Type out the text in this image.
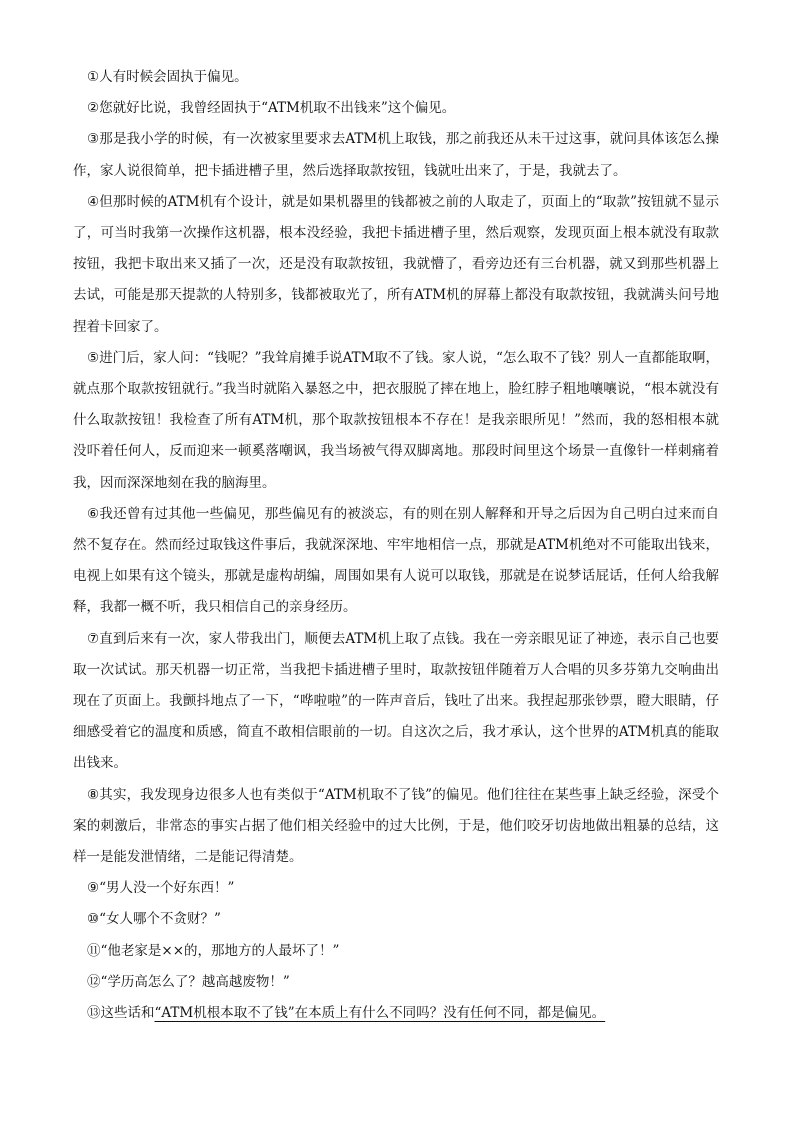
①人有时候会固执于偏见。

②您就好比说，我曾经固执于“ATM机取不出钱来”这个偏见。

③那是我小学的时候，有一次被家里要求去ATM机上取钱，那之前我还从未干过这事，就问具体该怎么操作，家人说很简单，把卡插进槽子里，然后选择取款按钮，钱就吐出来了，于是，我就去了。

④但那时候的ATM机有个设计，就是如果机器里的钱都被之前的人取走了，页面上的“取款”按钮就不显示了，可当时我第一次操作这机器，根本没经验，我把卡插进槽子里，然后观察，发现页面上根本就没有取款按钮，我把卡取出来又插了一次，还是没有取款按钮，我就懵了，看旁边还有三台机器，就又到那些机器上去试，可能是那天提款的人特别多，钱都被取光了，所有ATM机的屏幕上都没有取款按钮，我就满头问号地捏着卡回家了。

⑤进门后，家人问：“钱呢？”我耸肩摊手说ATM取不了钱。家人说，“怎么取不了钱？别人一直都能取啊，就点那个取款按钮就行。”我当时就陷入暴怒之中，把衣服脱了摔在地上，脸红脖子粗地嚷嚷说，“根本就没有什么取款按钮！我检查了所有ATM机，那个取款按钮根本不存在！是我亲眼所见！”然而，我的怒相根本就没吓着任何人，反而迎来一顿奚落嘲讽，我当场被气得双脚离地。那段时间里这个场景一直像针一样刺痛着我，因而深深地刻在我的脑海里。

⑥我还曾有过其他一些偏见，那些偏见有的被淡忘，有的则在别人解释和开导之后因为自己明白过来而自然不复存在。然而经过取钱这件事后，我就深深地、牢牢地相信一点，那就是ATM机绝对不可能取出钱来，电视上如果有这个镜头，那就是虚构胡编，周围如果有人说可以取钱，那就是在说梦话屁话，任何人给我解释，我都一概不听，我只相信自己的亲身经历。

⑦直到后来有一次，家人带我出门，顺便去ATM机上取了点钱。我在一旁亲眼见证了神迹，表示自己也要取一次试试。那天机器一切正常，当我把卡插进槽子里时，取款按钮伴随着万人合唱的贝多芬第九交响曲出现在了页面上。我颤抖地点了一下，“哗啦啦”的一阵声音后，钱吐了出来。我捏起那张钞票，瞪大眼睛，仔细感受着它的温度和质感，简直不敢相信眼前的一切。自这次之后，我才承认，这个世界的ATM机真的能取出钱来。

⑧其实，我发现身边很多人也有类似于“ATM机取不了钱”的偏见。他们往往在某些事上缺乏经验，深受个案的刺激后，非常态的事实占据了他们相关经验中的过大比例，于是，他们咬牙切齿地做出粗暴的总结，这样一是能发泄情绪，二是能记得清楚。

⑨“男人没一个好东西！”

⑩“女人哪个不贪财？”

⑪“他老家是××的，那地方的人最坏了！”

⑫“学历高怎么了？越高越废物！”

⑬这些话和“ATM机根本取不了钱”在本质上有什么不同吗？没有任何不同，都是偏见。
